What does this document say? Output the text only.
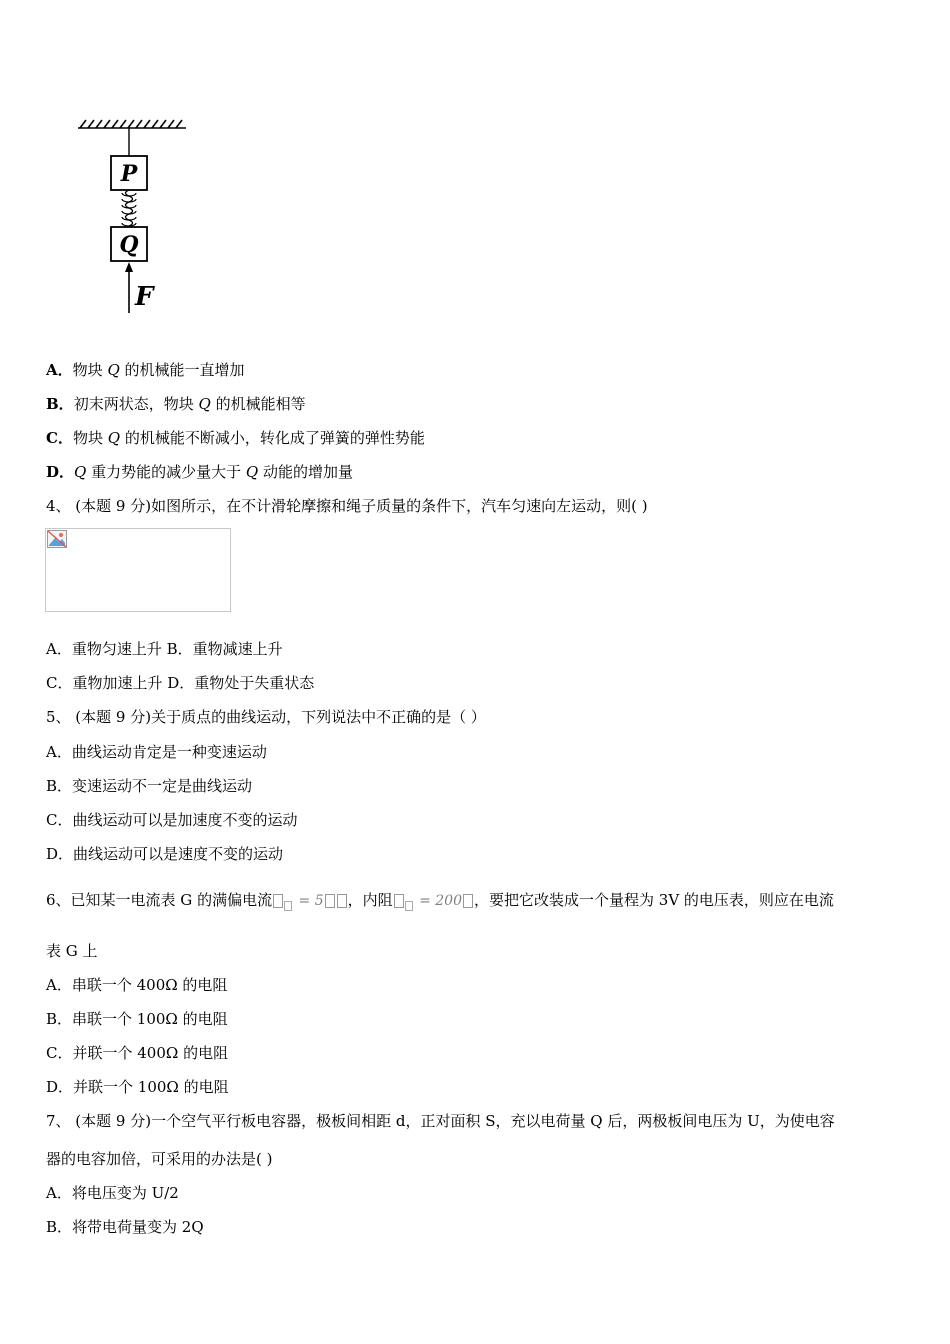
P
Q
F
A．物块 Q 的机械能一直增加
B．初末两状态，物块 Q 的机械能相等
C．物块 Q 的机械能不断减小，转化成了弹簧的弹性势能
D．Q 重力势能的减少量大于 Q 动能的增加量
4、 (本题 9 分)如图所示，在不计滑轮摩擦和绳子质量的条件下，汽车匀速向左运动，则( )
A．重物匀速上升 B．重物减速上升
C．重物加速上升 D．重物处于失重状态
5、 (本题 9 分)关于质点的曲线运动，下列说法中不正确的是（ ）
A．曲线运动肯定是一种变速运动
B．变速运动不一定是曲线运动
C．曲线运动可以是加速度不变的运动
D．曲线运动可以是速度不变的运动
6、已知某一电流表 G 的满偏电流 = 5 ，内阻 = 200 ，要把它改装成一个量程为 3V 的电压表，则应在电流
表 G 上
A．串联一个 400Ω 的电阻
B．串联一个 100Ω 的电阻
C．并联一个 400Ω 的电阻
D．并联一个 100Ω 的电阻
7、 (本题 9 分)一个空气平行板电容器，极板间相距 d，正对面积 S，充以电荷量 Q 后，两极板间电压为 U，为使电容
器的电容加倍，可采用的办法是( )
A．将电压变为 U/2
B．将带电荷量变为 2Q
